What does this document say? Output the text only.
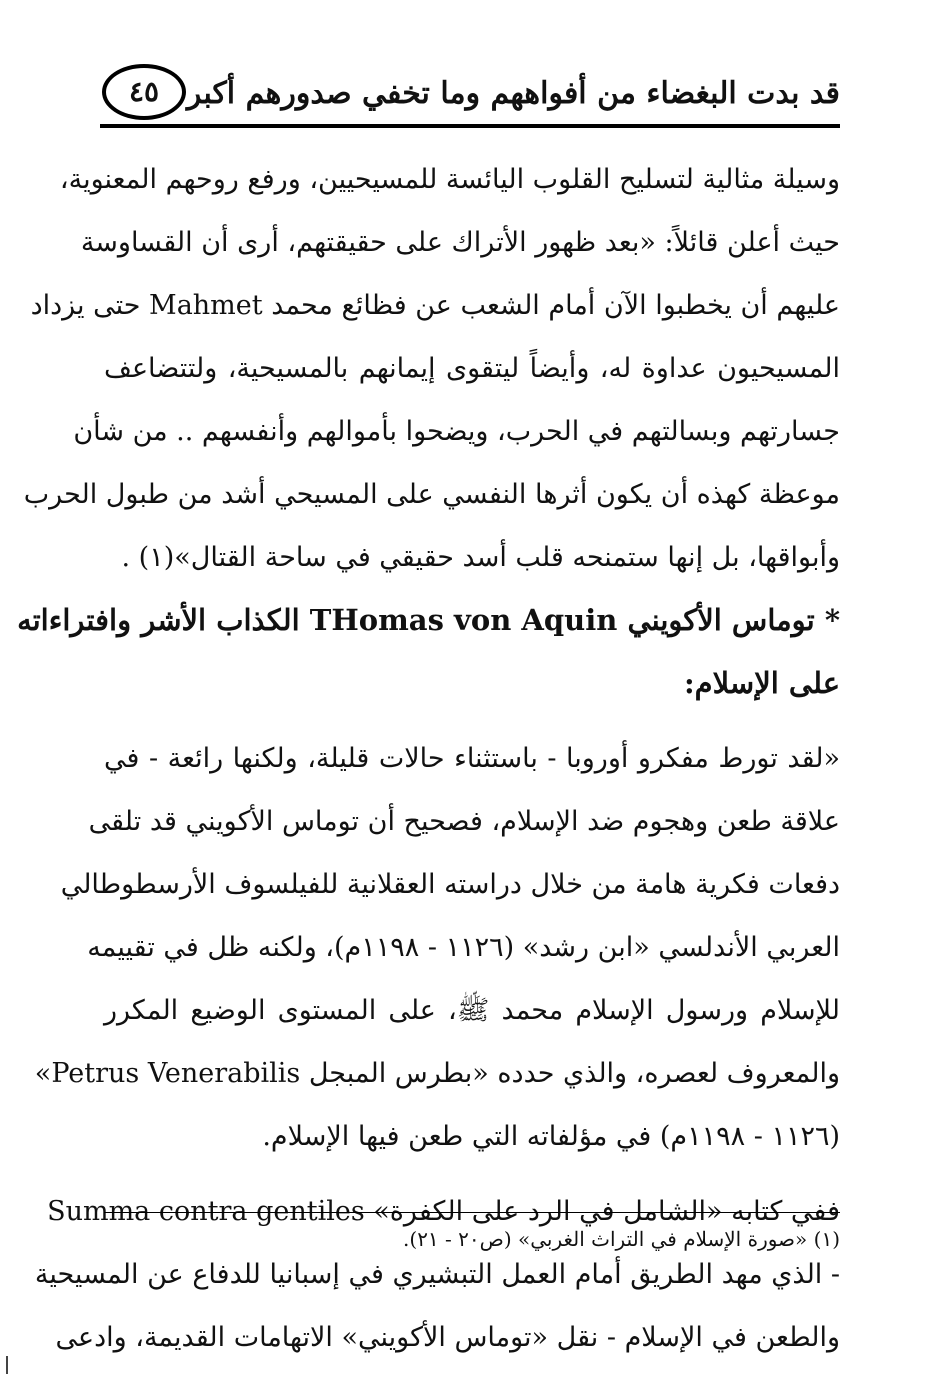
قد بدت البغضاء من أفواههم وما تخفي صدورهم أكبر
٤٥
وسيلة مثالية لتسليح القلوب اليائسة للمسيحيين، ورفع روحهم المعنوية،
حيث أعلن قائلاً: «بعد ظهور الأتراك على حقيقتهم، أرى أن القساوسة
عليهم أن يخطبوا الآن أمام الشعب عن فظائع محمد Mahmet حتى يزداد
المسيحيون عداوة له، وأيضاً ليتقوى إيمانهم بالمسيحية، ولتتضاعف
جسارتهم وبسالتهم في الحرب، ويضحوا بأموالهم وأنفسهم .. من شأن
موعظة كهذه أن يكون أثرها النفسي على المسيحي أشد من طبول الحرب
وأبواقها، بل إنها ستمنحه قلب أسد حقيقي في ساحة القتال»(١) .
* توماس الأكويني THomas von Aquin الكذاب الأشر وافتراءاته
على الإسلام:
«لقد تورط مفكرو أوروبا - باستثناء حالات قليلة، ولكنها رائعة - في
علاقة طعن وهجوم ضد الإسلام، فصحيح أن توماس الأكويني قد تلقى
دفعات فكرية هامة من خلال دراسته العقلانية للفيلسوف الأرسطوطالي
العربي الأندلسي «ابن رشد» (١١٢٦ - ١١٩٨م)، ولكنه ظل في تقييمه
للإسلام ورسول الإسلام محمد ﷺ، على المستوى الوضيع المكرر
والمعروف لعصره، والذي حدده «بطرس المبجل Petrus Venerabilis»
(١١٢٦ - ١١٩٨م) في مؤلفاته التي طعن فيها الإسلام.
ففي كتابه «الشامل في الرد على الكفرة» Summa contra gentiles
- الذي مهد الطريق أمام العمل التبشيري في إسبانيا للدفاع عن المسيحية
والطعن في الإسلام - نقل «توماس الأكويني» الاتهامات القديمة، وادعى
(١) «صورة الإسلام في التراث الغربي» (ص٢٠ - ٢١).
